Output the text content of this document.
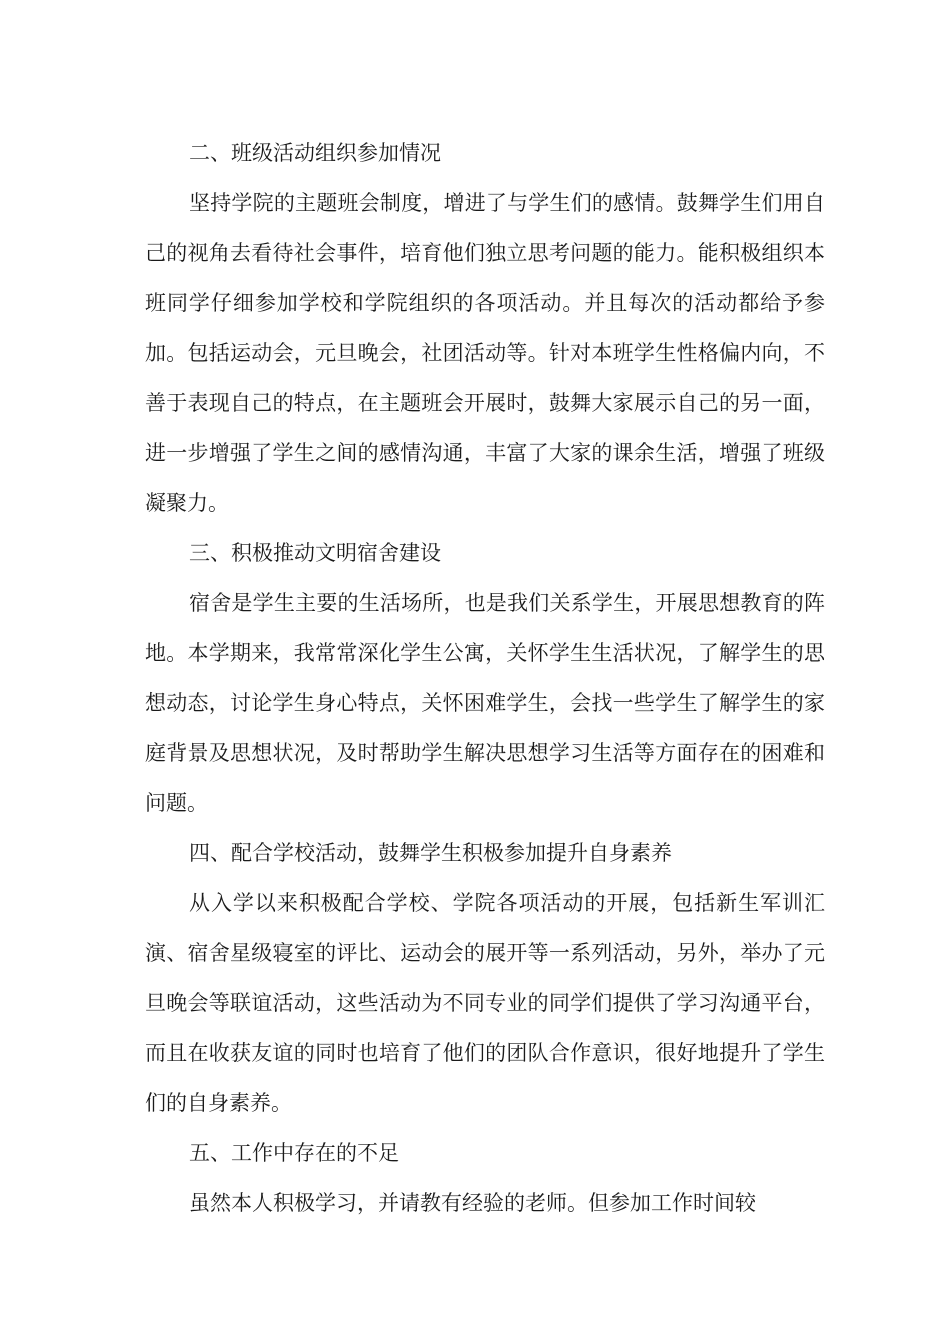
二、班级活动组织参加情况

坚持学院的主题班会制度，增进了与学生们的感情。鼓舞学生们用自己的视角去看待社会事件，培育他们独立思考问题的能力。能积极组织本班同学仔细参加学校和学院组织的各项活动。并且每次的活动都给予参加。包括运动会，元旦晚会，社团活动等。针对本班学生性格偏内向，不善于表现自己的特点，在主题班会开展时，鼓舞大家展示自己的另一面，进一步增强了学生之间的感情沟通，丰富了大家的课余生活，增强了班级凝聚力。

三、积极推动文明宿舍建设

宿舍是学生主要的生活场所，也是我们关系学生，开展思想教育的阵地。本学期来，我常常深化学生公寓，关怀学生生活状况，了解学生的思想动态，讨论学生身心特点，关怀困难学生，会找一些学生了解学生的家庭背景及思想状况，及时帮助学生解决思想学习生活等方面存在的困难和问题。

四、配合学校活动，鼓舞学生积极参加提升自身素养

从入学以来积极配合学校、学院各项活动的开展，包括新生军训汇演、宿舍星级寝室的评比、运动会的展开等一系列活动，另外，举办了元旦晚会等联谊活动，这些活动为不同专业的同学们提供了学习沟通平台，而且在收获友谊的同时也培育了他们的团队合作意识，很好地提升了学生们的自身素养。

五、工作中存在的不足

虽然本人积极学习，并请教有经验的老师。但参加工作时间较
